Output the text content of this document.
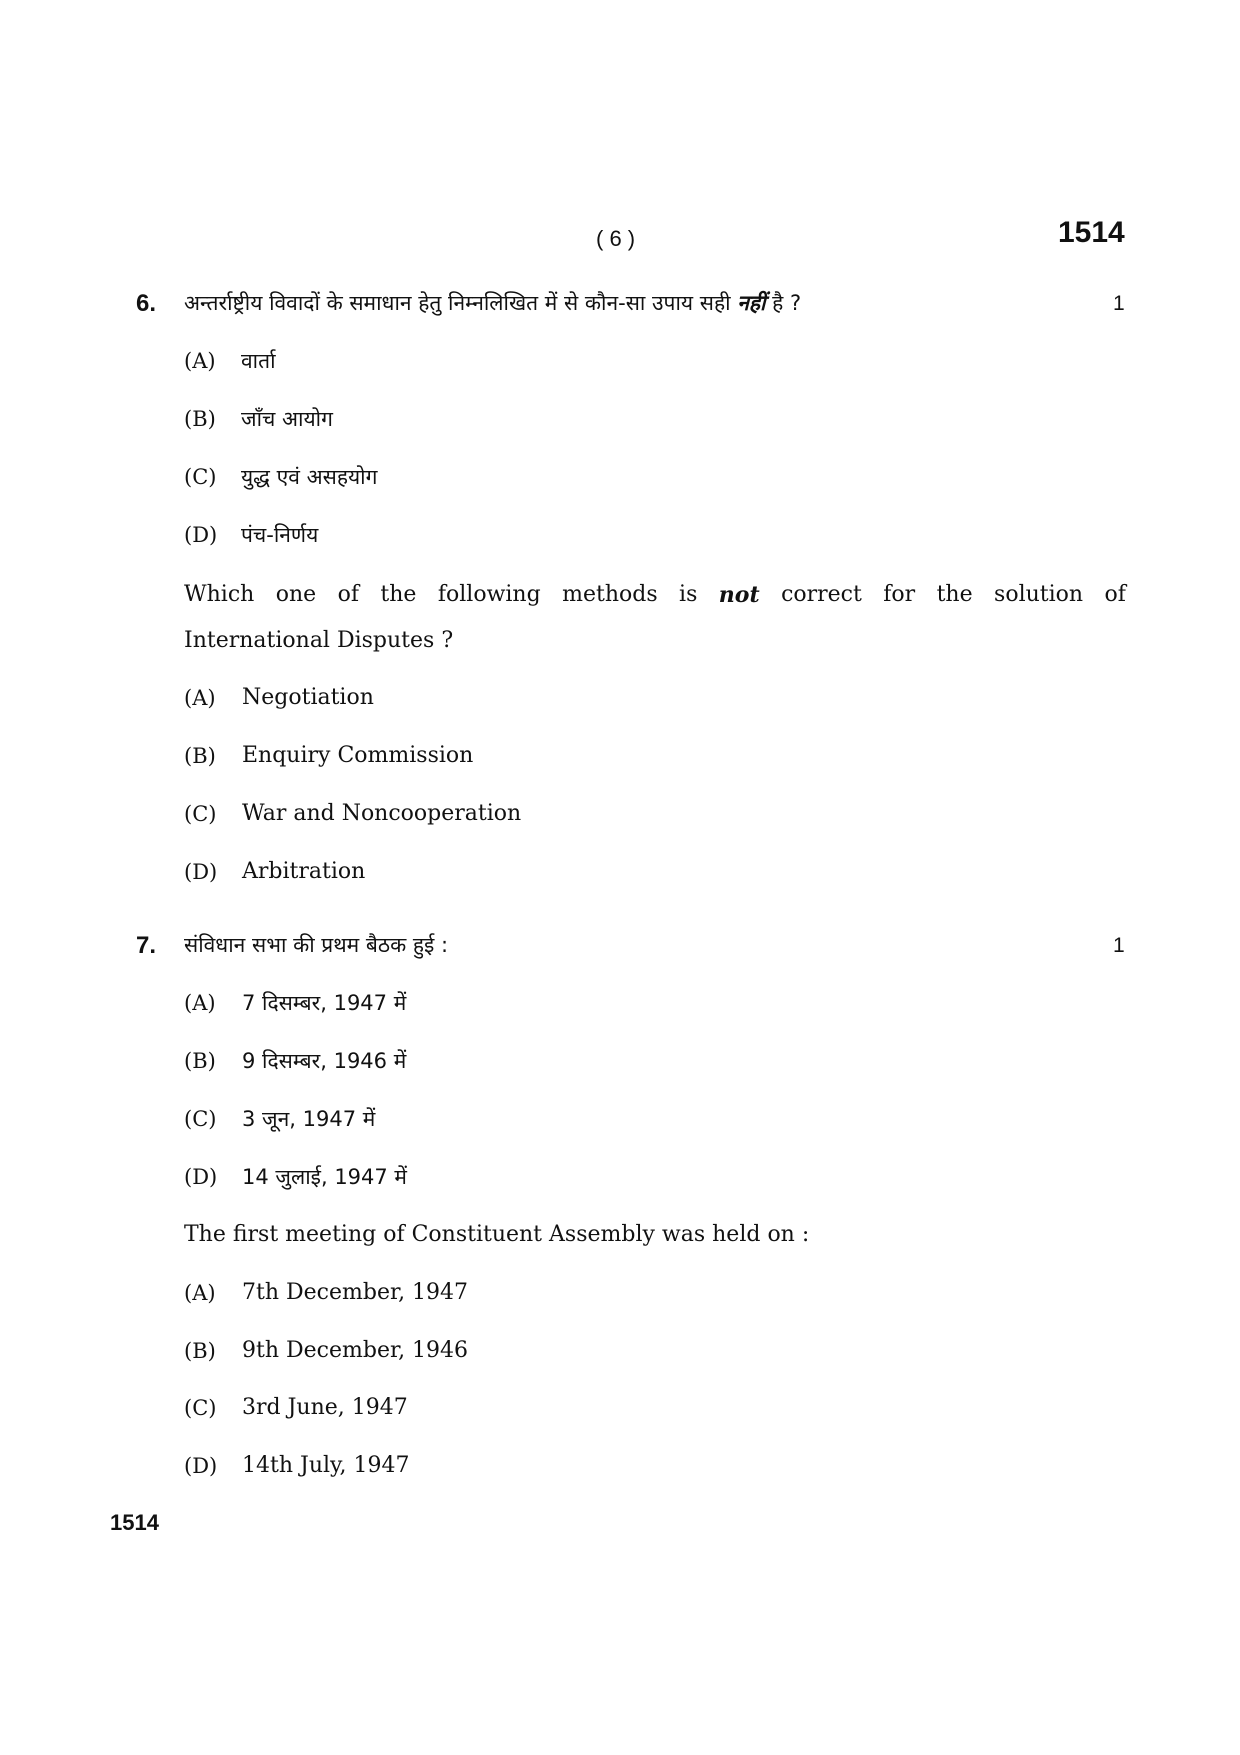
( 6 )	1514
6. अन्तर्राष्ट्रीय विवादों के समाधान हेतु निम्नलिखित में से कौन-सा उपाय सही नहीं है ?	1
(A) वार्ता
(B) जाँच आयोग
(C) युद्ध एवं असहयोग
(D) पंच-निर्णय
Which one of the following methods is not correct for the solution of
International Disputes ?
(A) Negotiation
(B) Enquiry Commission
(C) War and Noncooperation
(D) Arbitration
7. संविधान सभा की प्रथम बैठक हुई :	1
(A) 7 दिसम्बर, 1947 में
(B) 9 दिसम्बर, 1946 में
(C) 3 जून, 1947 में
(D) 14 जुलाई, 1947 में
The first meeting of Constituent Assembly was held on :
(A) 7th December, 1947
(B) 9th December, 1946
(C) 3rd June, 1947
(D) 14th July, 1947
1514
